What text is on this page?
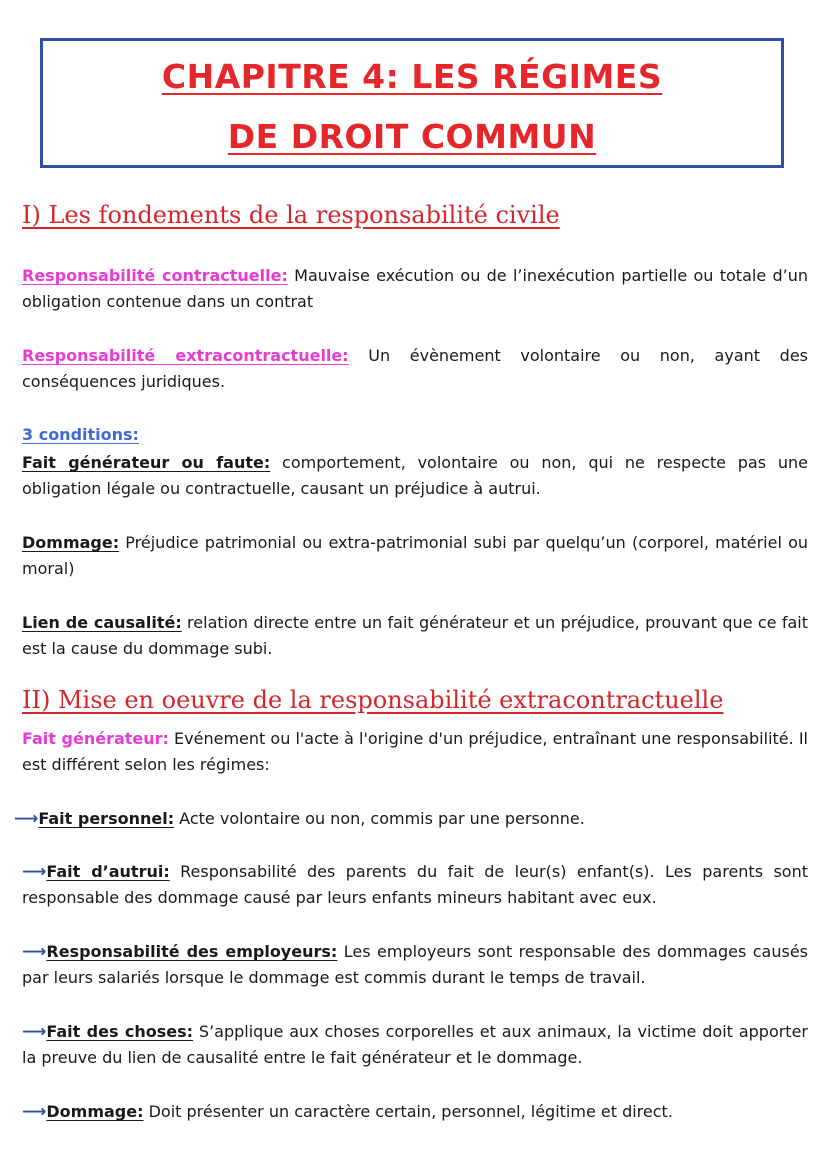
CHAPITRE 4: LES RÉGIMES
DE DROIT COMMUN
I) Les fondements de la responsabilité civile
Responsabilité contractuelle: Mauvaise exécution ou de l’inexécution partielle ou totale d’un obligation contenue dans un contrat
Responsabilité extracontractuelle: Un évènement volontaire ou non, ayant des conséquences juridiques.
3 conditions:
Fait générateur ou faute: comportement, volontaire ou non, qui ne respecte pas une obligation légale ou contractuelle, causant un préjudice à autrui.
Dommage: Préjudice patrimonial ou extra-patrimonial subi par quelqu’un (corporel, matériel ou moral)
Lien de causalité: relation directe entre un fait générateur et un préjudice, prouvant que ce fait est la cause du dommage subi.
II) Mise en oeuvre de la responsabilité extracontractuelle
Fait générateur: Evénement ou l'acte à l'origine d'un préjudice, entraînant une responsabilité. Il est différent selon les régimes:
⟶Fait personnel: Acte volontaire ou non, commis par une personne.
⟶Fait d’autrui: Responsabilité des parents du fait de leur(s) enfant(s). Les parents sont responsable des dommage causé par leurs enfants mineurs habitant avec eux.
⟶Responsabilité des employeurs: Les employeurs sont responsable des dommages causés par leurs salariés lorsque le dommage est commis durant le temps de travail.
⟶Fait des choses: S’applique aux choses corporelles et aux animaux, la victime doit apporter la preuve du lien de causalité entre le fait générateur et le dommage.
⟶Dommage: Doit présenter un caractère certain, personnel, légitime et direct.
